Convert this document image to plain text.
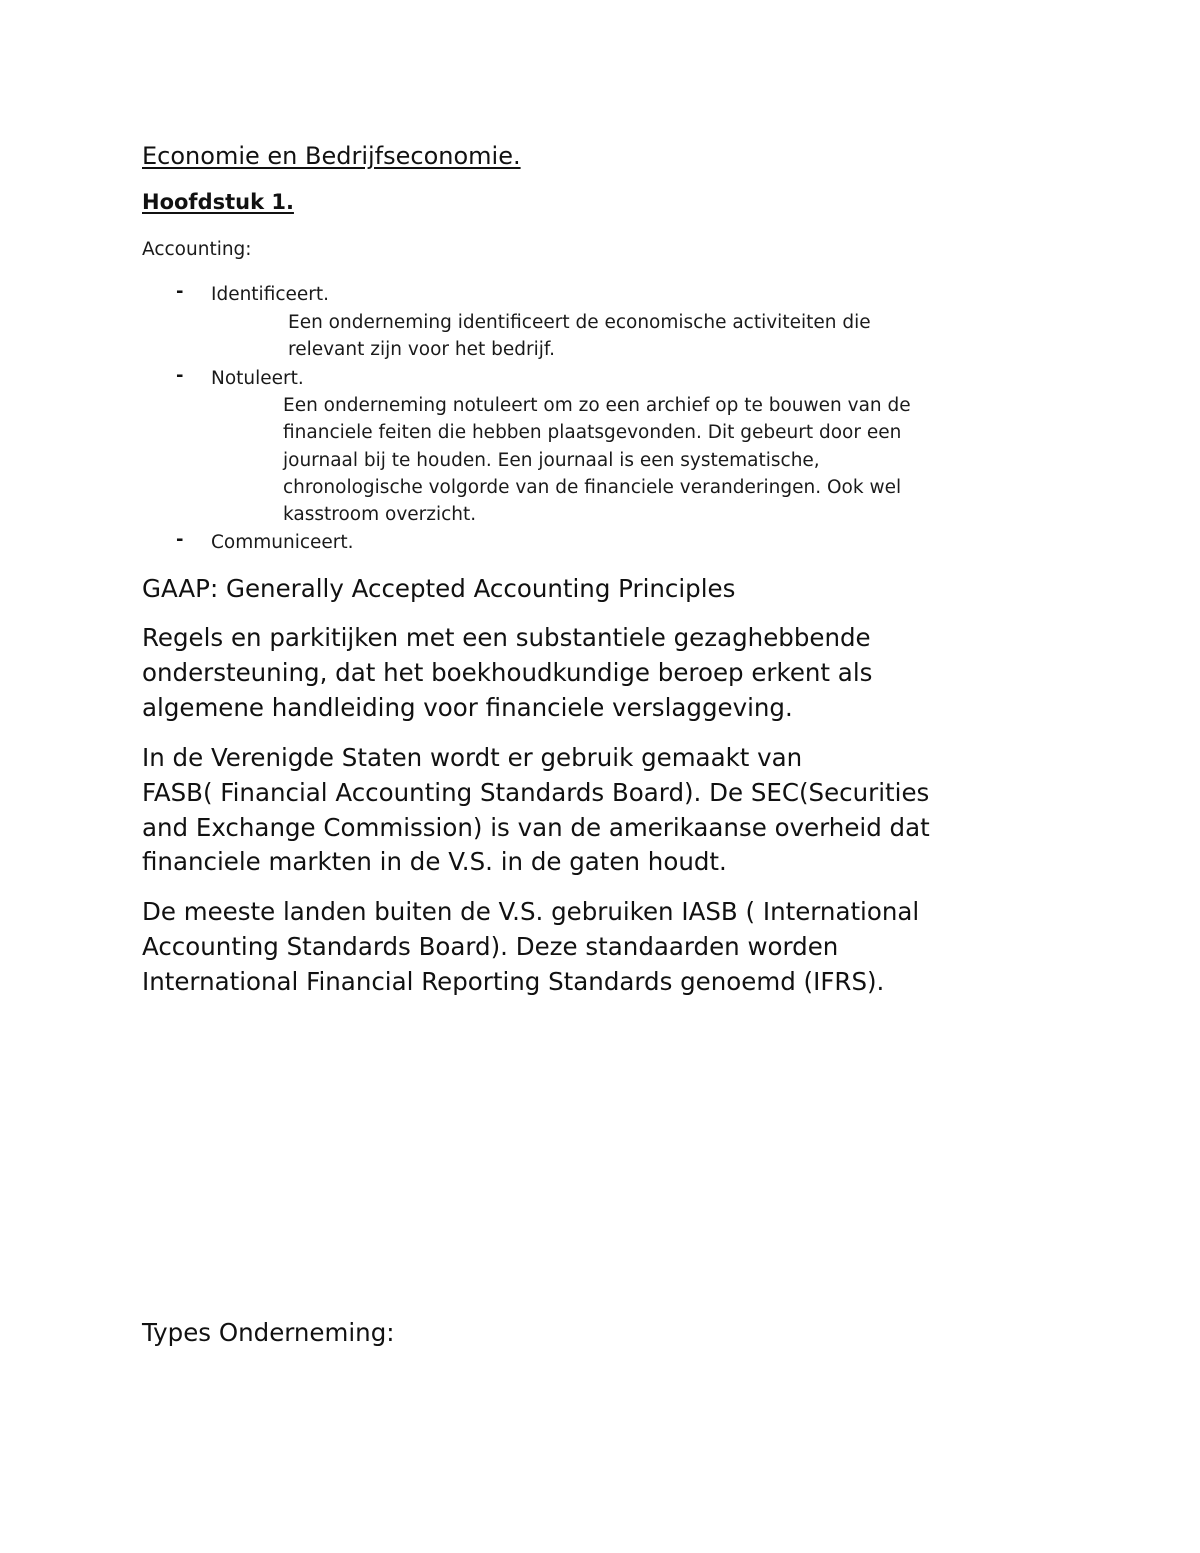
Economie en Bedrijfseconomie.
Hoofdstuk 1.
Accounting:
- Identificeert.
Een onderneming identificeert de economische activiteiten die
relevant zijn voor het bedrijf.
- Notuleert.
Een onderneming notuleert om zo een archief op te bouwen van de
financiele feiten die hebben plaatsgevonden. Dit gebeurt door een
journaal bij te houden. Een journaal is een systematische,
chronologische volgorde van de financiele veranderingen. Ook wel
kasstroom overzicht.
- Communiceert.
GAAP: Generally Accepted Accounting Principles
Regels en parkitijken met een substantiele gezaghebbende
ondersteuning, dat het boekhoudkundige beroep erkent als
algemene handleiding voor financiele verslaggeving.
In de Verenigde Staten wordt er gebruik gemaakt van
FASB( Financial Accounting Standards Board). De SEC(Securities
and Exchange Commission) is van de amerikaanse overheid dat
financiele markten in de V.S. in de gaten houdt.
De meeste landen buiten de V.S. gebruiken IASB ( International
Accounting Standards Board). Deze standaarden worden
International Financial Reporting Standards genoemd (IFRS).
Types Onderneming:
